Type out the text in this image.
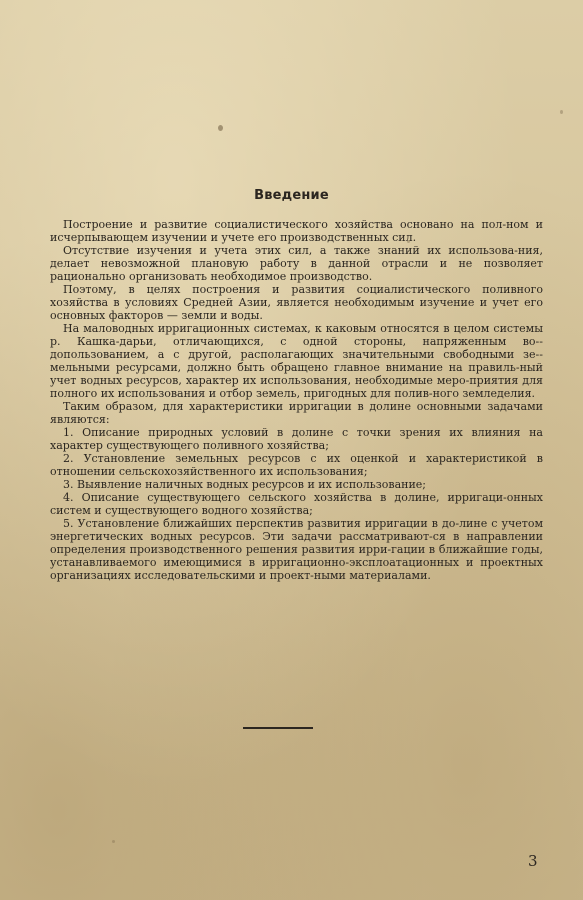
Введение

Построение и развитие социалистического хозяйства основано на пол-ном и исчерпывающем изучении и учете его производственных сил.

Отсутствие изучения и учета этих сил, а также знаний их использова-ния, делает невозможной плановую работу в данной отрасли и не позволяет рационально организовать необходимое производство.

Поэтому, в целях построения и развития социалистического поливного хозяйства в условиях Средней Азии, является необходимым изучение и учет его основных факторов — земли и воды.

На маловодных ирригационных системах, к каковым относятся в целом системы р. Кашка-дарьи, отличающихся, с одной стороны, напряженным во-допользованием, а с другой, располагающих значительными свободными зе-мельными ресурсами, должно быть обращено главное внимание на правиль-ный учет водных ресурсов, характер их использования, необходимые меро-приятия для полного их использования и отбор земель, пригодных для полив-ного земледелия.

Таким образом, для характеристики ирригации в долине основными задачами являются:

1. Описание природных условий в долине с точки зрения их влияния на характер существующего поливного хозяйства;

2. Установление земельных ресурсов с их оценкой и характеристикой в отношении сельскохозяйственного их использования;

3. Выявление наличных водных ресурсов и их использование;

4. Описание существующего сельского хозяйства в долине, ирригаци-онных систем и существующего водного хозяйства;

5. Установление ближайших перспектив развития ирригации в до-лине с учетом энергетических водных ресурсов. Эти задачи рассматривают-ся в направлении определения производственного решения развития ирри-гации в ближайшие годы, устанавливаемого имеющимися в ирригационно-эксплоатационных и проектных организациях исследовательскими и проект-ными материалами.

3
